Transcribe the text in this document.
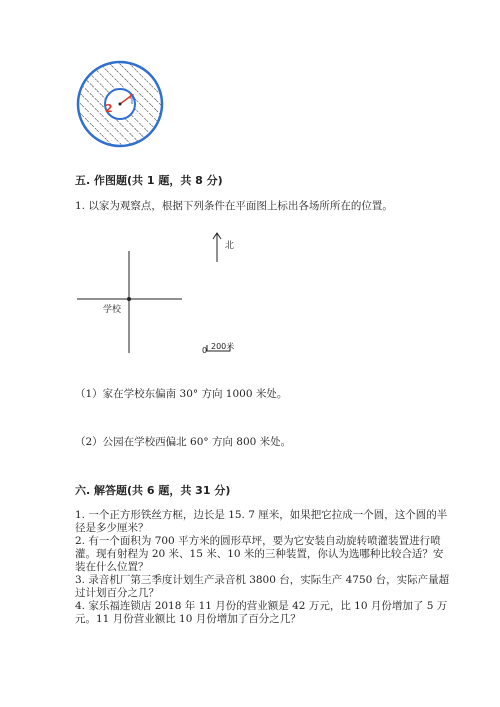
r
2
五. 作图题(共 1 题，共 8 分)
1. 以家为观察点，根据下列条件在平面图上标出各场所所在的位置。
北
学校
0 200米
（1）家在学校东偏南 30° 方向 1000 米处。
（2）公园在学校西偏北 60° 方向 800 米处。
六. 解答题(共 6 题，共 31 分)
1. 一个正方形铁丝方框，边长是 15. 7 厘米，如果把它拉成一个圆，这个圆的半
径是多少厘米？
2. 有一个面积为 700 平方米的圆形草坪，要为它安装自动旋转喷灌装置进行喷
灌。现有射程为 20 米、15 米、10 米的三种装置，你认为选哪种比较合适？安
装在什么位置？
3. 录音机厂第三季度计划生产录音机 3800 台，实际生产 4750 台，实际产量超
过计划百分之几？
4. 家乐福连锁店 2018 年 11 月份的营业额是 42 万元，比 10 月份增加了 5 万
元。11 月份营业额比 10 月份增加了百分之几？
